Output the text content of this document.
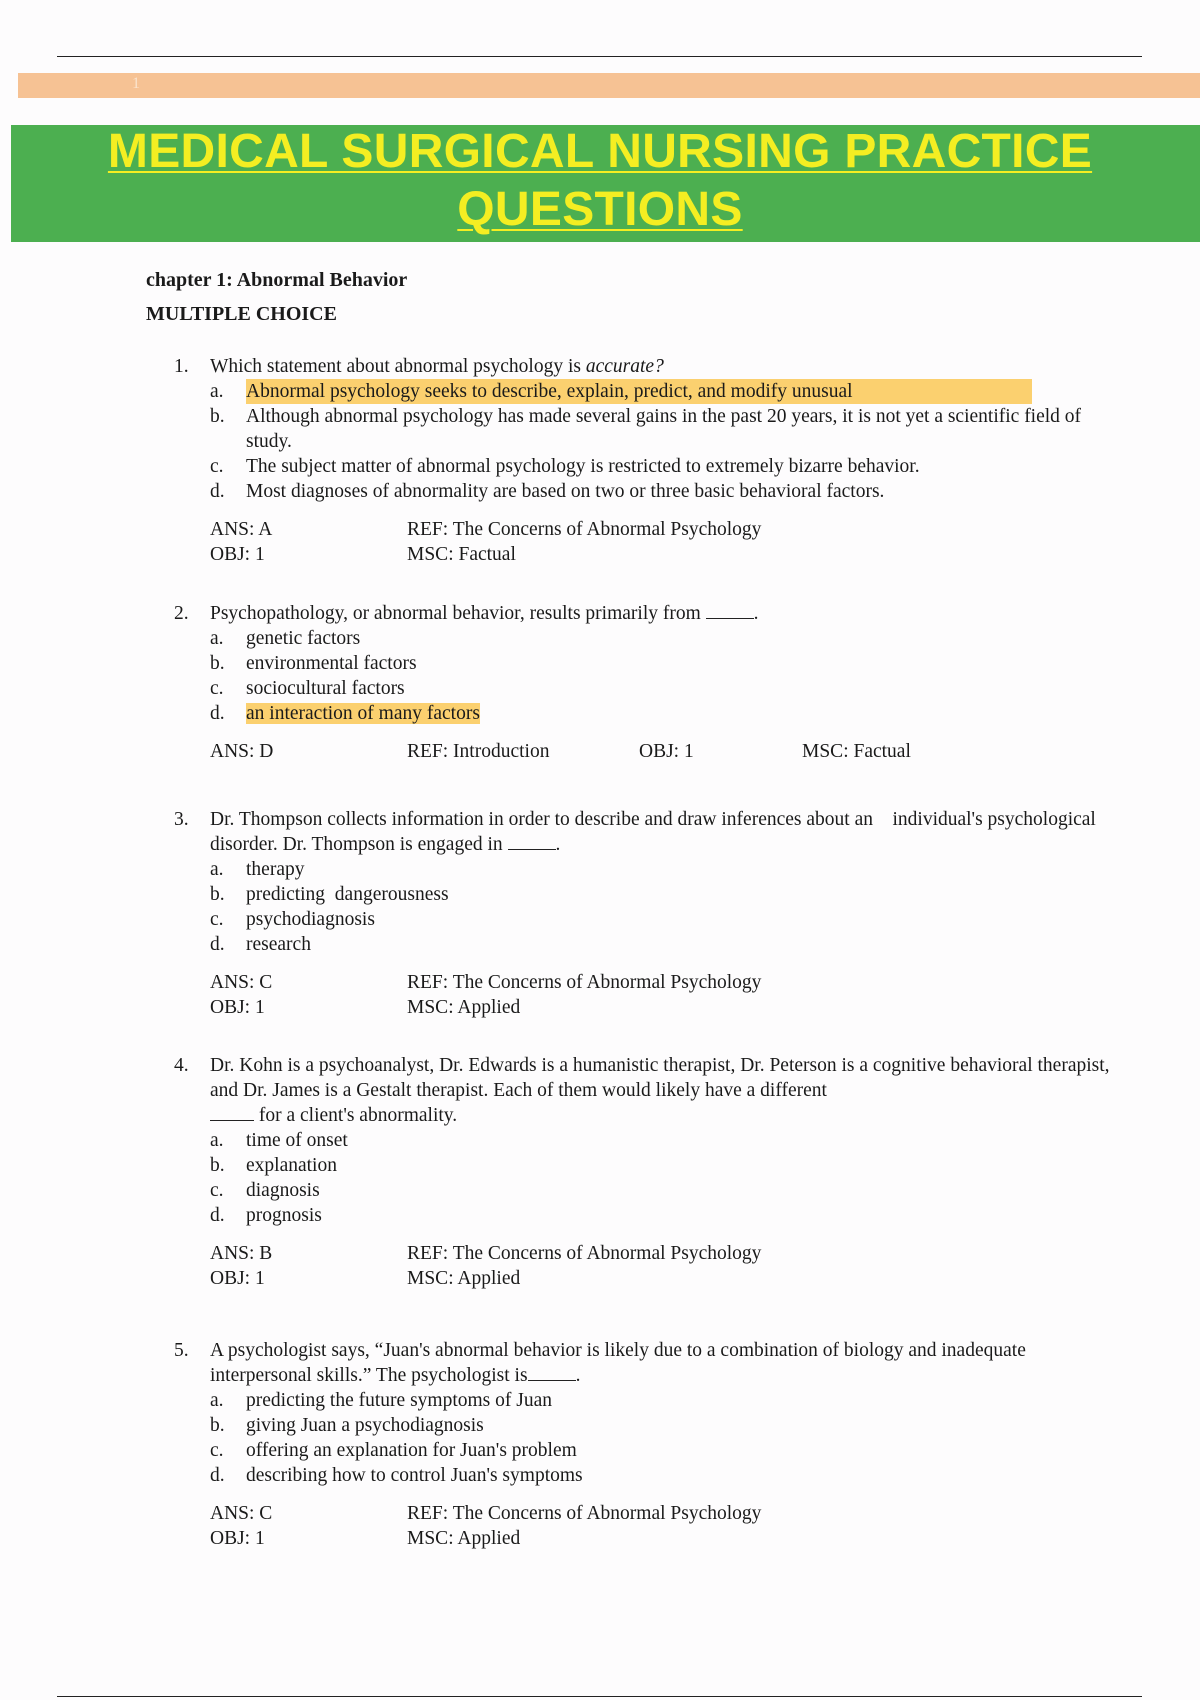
1
MEDICAL SURGICAL NURSING PRACTICE
QUESTIONS
chapter 1: Abnormal Behavior
MULTIPLE CHOICE
1. Which statement about abnormal psychology is accurate?
a. Abnormal psychology seeks to describe, explain, predict, and modify unusual
b. Although abnormal psychology has made several gains in the past 20 years, it is not yet a scientific field of study.
c. The subject matter of abnormal psychology is restricted to extremely bizarre behavior.
d. Most diagnoses of abnormality are based on two or three basic behavioral factors.
ANS: A	REF: The Concerns of Abnormal Psychology
OBJ: 1	MSC: Factual
2. Psychopathology, or abnormal behavior, results primarily from .
a. genetic factors
b. environmental factors
c. sociocultural factors
d. an interaction of many factors
ANS: D	REF: Introduction	OBJ: 1	MSC: Factual
3. Dr. Thompson collects information in order to describe and draw inferences about an    individual's psychological disorder. Dr. Thompson is engaged in .
a. therapy
b. predicting  dangerousness
c. psychodiagnosis
d. research
ANS: C	REF: The Concerns of Abnormal Psychology
OBJ: 1	MSC: Applied
4. Dr. Kohn is a psychoanalyst, Dr. Edwards is a humanistic therapist, Dr. Peterson is a cognitive behavioral therapist, and Dr. James is a Gestalt therapist. Each of them would likely have a different
for a client's abnormality.
a. time of onset
b. explanation
c. diagnosis
d. prognosis
ANS: B	REF: The Concerns of Abnormal Psychology
OBJ: 1	MSC: Applied
5. A psychologist says, “Juan's abnormal behavior is likely due to a combination of biology and inadequate interpersonal skills.” The psychologist is .
a. predicting the future symptoms of Juan
b. giving Juan a psychodiagnosis
c. offering an explanation for Juan's problem
d. describing how to control Juan's symptoms
ANS: C	REF: The Concerns of Abnormal Psychology
OBJ: 1	MSC: Applied
